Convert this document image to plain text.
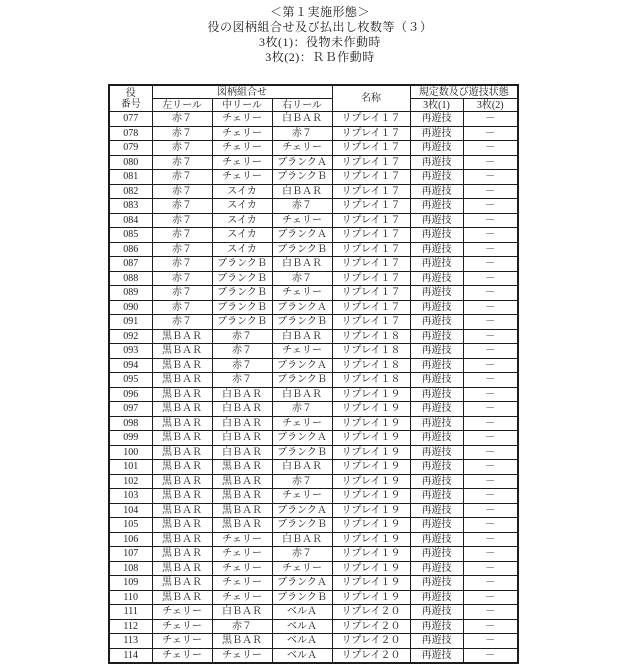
＜第１実施形態＞
役の図柄組合せ及び払出し枚数等（３）
3枚(1)：役物未作動時
3枚(2)：ＲＢ作動時
役
番号	図柄組合せ			名称	規定数及び遊技状態	
	左リール	中リール	右リール		3枚(1)	3枚(2)
077	赤７	チェリー	白ＢＡＲ	リプレイ１７	再遊技	－
078	赤７	チェリー	赤７	リプレイ１７	再遊技	－
079	赤７	チェリー	チェリー	リプレイ１７	再遊技	－
080	赤７	チェリー	ブランクＡ	リプレイ１７	再遊技	－
081	赤７	チェリー	ブランクＢ	リプレイ１７	再遊技	－
082	赤７	スイカ	白ＢＡＲ	リプレイ１７	再遊技	－
083	赤７	スイカ	赤７	リプレイ１７	再遊技	－
084	赤７	スイカ	チェリー	リプレイ１７	再遊技	－
085	赤７	スイカ	ブランクＡ	リプレイ１７	再遊技	－
086	赤７	スイカ	ブランクＢ	リプレイ１７	再遊技	－
087	赤７	ブランクＢ	白ＢＡＲ	リプレイ１７	再遊技	－
088	赤７	ブランクＢ	赤７	リプレイ１７	再遊技	－
089	赤７	ブランクＢ	チェリー	リプレイ１７	再遊技	－
090	赤７	ブランクＢ	ブランクＡ	リプレイ１７	再遊技	－
091	赤７	ブランクＢ	ブランクＢ	リプレイ１７	再遊技	－
092	黒ＢＡＲ	赤７	白ＢＡＲ	リプレイ１８	再遊技	－
093	黒ＢＡＲ	赤７	チェリー	リプレイ１８	再遊技	－
094	黒ＢＡＲ	赤７	ブランクＡ	リプレイ１８	再遊技	－
095	黒ＢＡＲ	赤７	ブランクＢ	リプレイ１８	再遊技	－
096	黒ＢＡＲ	白ＢＡＲ	白ＢＡＲ	リプレイ１９	再遊技	－
097	黒ＢＡＲ	白ＢＡＲ	赤７	リプレイ１９	再遊技	－
098	黒ＢＡＲ	白ＢＡＲ	チェリー	リプレイ１９	再遊技	－
099	黒ＢＡＲ	白ＢＡＲ	ブランクＡ	リプレイ１９	再遊技	－
100	黒ＢＡＲ	白ＢＡＲ	ブランクＢ	リプレイ１９	再遊技	－
101	黒ＢＡＲ	黒ＢＡＲ	白ＢＡＲ	リプレイ１９	再遊技	－
102	黒ＢＡＲ	黒ＢＡＲ	赤７	リプレイ１９	再遊技	－
103	黒ＢＡＲ	黒ＢＡＲ	チェリー	リプレイ１９	再遊技	－
104	黒ＢＡＲ	黒ＢＡＲ	ブランクＡ	リプレイ１９	再遊技	－
105	黒ＢＡＲ	黒ＢＡＲ	ブランクＢ	リプレイ１９	再遊技	－
106	黒ＢＡＲ	チェリー	白ＢＡＲ	リプレイ１９	再遊技	－
107	黒ＢＡＲ	チェリー	赤７	リプレイ１９	再遊技	－
108	黒ＢＡＲ	チェリー	チェリー	リプレイ１９	再遊技	－
109	黒ＢＡＲ	チェリー	ブランクＡ	リプレイ１９	再遊技	－
110	黒ＢＡＲ	チェリー	ブランクＢ	リプレイ１９	再遊技	－
111	チェリー	白ＢＡＲ	ベルＡ	リプレイ２０	再遊技	－
112	チェリー	赤７	ベルＡ	リプレイ２０	再遊技	－
113	チェリー	黒ＢＡＲ	ベルＡ	リプレイ２０	再遊技	－
114	チェリー	チェリー	ベルＡ	リプレイ２０	再遊技	－
